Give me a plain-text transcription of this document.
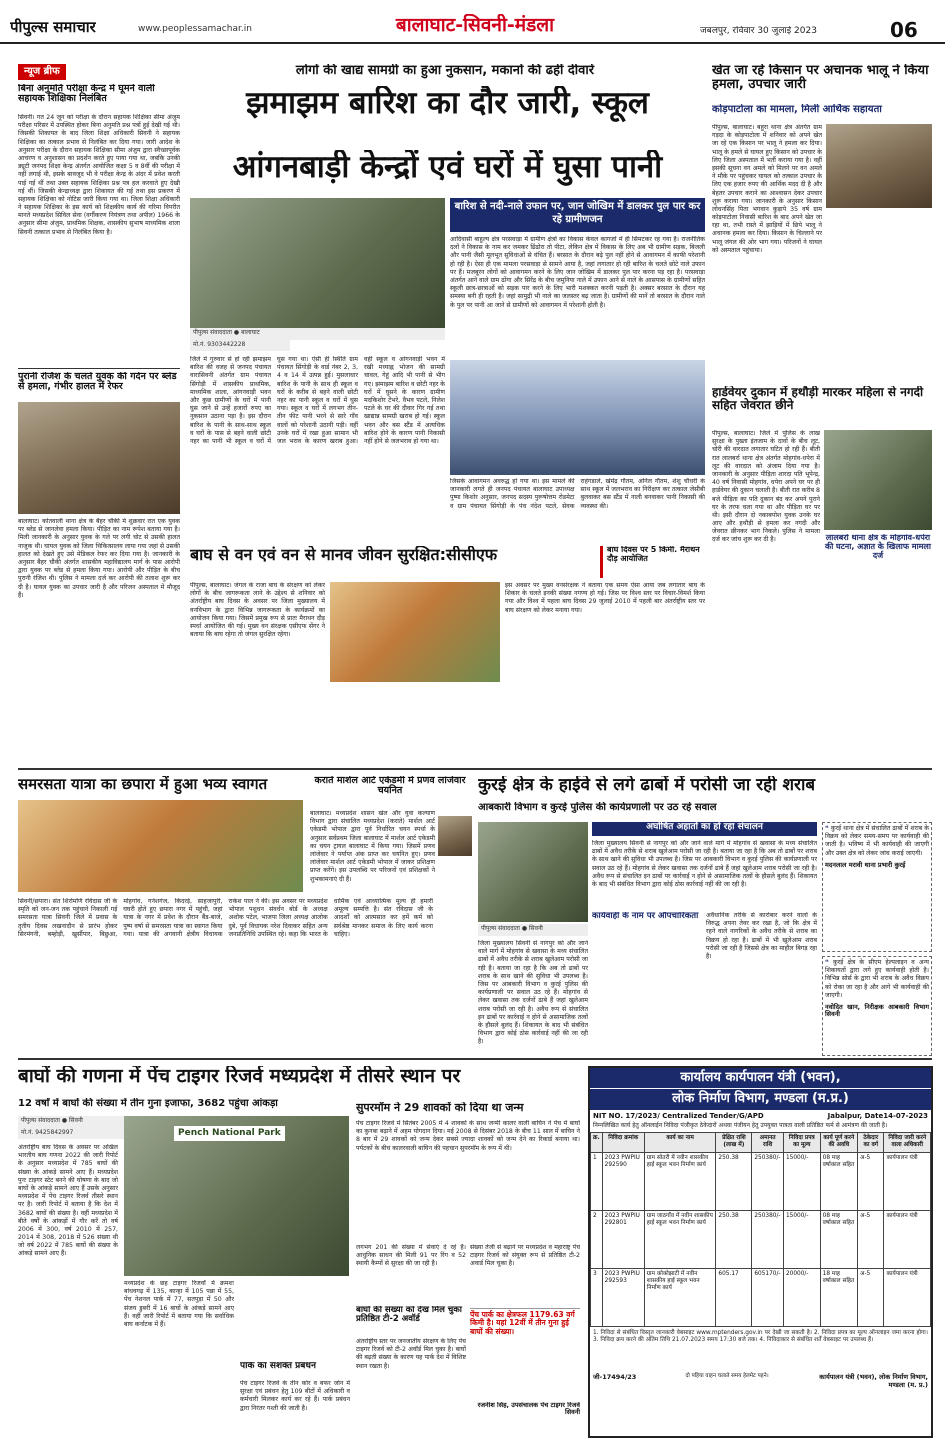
पीपुल्स समाचार	www.peoplessamachar.in	बालाघाट-सिवनी-मंडला	जबलपुर, रविवार 30 जुलाई 2023	06
न्यूज ब्रीफ
बिना अनुमति परीक्षा केन्द्र में घूमने वाली सहायक शिक्षिका निलंबित
सिवनी। गत 24 जून को परीक्षा के दौरान सहायक शिक्षिका सीमा अंजुम परीक्षा परिसर में उपस्थित होकर बिना अनुमति प्रश्न पत्रों हुई देखी गई थी। जिसकी शिकायत के बाद जिला शिक्षा अधिकारी सिवनी ने सहायक शिक्षिका का तत्काल प्रभाव से निलंबित कर दिया गया। जारी आदेश के अनुसार परीक्षा के दौरान सहायक शिक्षिका सीमा अंजुम द्वारा स्वैच्छापूर्वक आचरण व अनुशासन का प्रदर्शन करते हुए पाया गया था, जबकि उनकी ड्यूटी जनपद शिक्षा केन्द्र अंतर्गत आयोजित कक्षा 5 व 8वीं की परीक्षा में नहीं लगाई थी, इसके बावजूद भी वे परीक्षा केन्द्र के अंदर में प्रवेश करती पाई गई थीं तथा उक्त सहायक शिक्षिका प्रश्न पत्र हल करवाते हुए देखी गई थीं। जिसकी केन्द्राध्यक्ष द्वारा शिकायत की गई तथा इस प्रकरण में सहायक शिक्षिका को नोटिस जारी किया गया था। जिला शिक्षा अधिकारी ने सहायक शिक्षिका के इस कार्य को शिक्षकीय कार्य की गरिमा विपरीत मानते मध्यप्रदेश सिविल सेवा (वर्गीकरण नियंत्रण तथा अपील) 1966 के अनुसार सीमा अंजुम, प्राथमिक शिक्षक, शासकीय सुभाष माध्यमिक शाला सिवनी तत्काल प्रभाव से निलंबित किया है।
पुरानी रंजिश के चलते युवक की गर्दन पर ब्लेड से हमला, गंभीर हालत में रेफर
बालाघाट। कोतवाली थाना क्षेत्र के बैहर चौकी में शुक्रवार रात एक युवक पर ब्लेड से जानलेवा हमला किया। पीड़ित का नाम रूपेश बताया गया है। मिली जानकारी के अनुसार युवक के गले पर लगी चोट से उसकी हालत नाजुक थी। घायल युवक को जिला चिकित्सालय लाया गया जहां से उसकी हालत को देखते हुए उसे मेडिकल रेफर कर दिया गया है। जानकारी के अनुसार बैहर चौकी अंतर्गत शासकीय महाविद्यालय मार्ग के पास आरोपी द्वारा युवक पर ब्लेड से हमला किया गया। आरोपी और पीड़ित के बीच पुरानी रंजिश थी। पुलिस ने मामला दर्ज कर आरोपी की तलाश शुरू कर दी है। घायल युवक का उपचार जारी है और परिजन अस्पताल में मौजूद हैं।
लोगों की खाद्य सामग्री का हुआ नुकसान, मकानों की ढहीं दीवारें
झमाझम बारिश का दौर जारी, स्कूल
आंगनबाड़ी केन्द्रों एवं घरों में घुसा पानी
पीपुल्स संवाददाता ● बालाघाट
मो.नं. 9303442228
जिले में गुरुवार से हो रही झमाझम बारिश की वजह से जनपद पंचायत वारासिवनी अंतर्गत ग्राम पंचायत सिंगोड़ी में शासकीय प्राथमिक, माध्यमिक शाला, आंगनवाड़ी भवन और कुछ ग्रामीणों के घरों में पानी घुस जाने से उन्हें हजारों रुपए का नुकसान उठाना पड़ा है। इस दौरान बारिश के पानी के साथ-साथ स्कूल व घरों के पास से बहने वाली छोटी नहर का पानी भी स्कूल व घरों में घुस गया था। ऐसी ही स्थिति ग्राम पंचायत सिंगोड़ी के वार्ड नंबर 2, 3, 4 व 14 में उत्पन्न हुई। मुसलाधार बारिश के पानी के साथ ही स्कूल व घरों के करीब से बहने वाली छोटी नहर का पानी स्कूल व घरों में घुस गया। स्कूल व घरों में लगभग तीन-तीन फीट पानी भरने से सारे गाँव वालों को परेशानी उठानी पड़ी। वहीं उनके घरों में रखा हुआ सामान भी जल भराव के कारण खराब हुआ। वहीं स्कूल व आंगनवाड़ी भवन में रखी मध्याह्न भोजन की सामग्री चावल, गेहूं आदि भी पानी से भीग गए। झमाझम बारिश व छोटी नहर के घरों में घुसने के कारण ग्रामीण मदकिशोर टेंभरे, वैभव पटले, निलेश पटले के घर की दीवार गिर गई तथा खाद्यान्न सामग्री खराब हो गई। स्कूल भवन और बस स्टैंड में अत्यधिक बारिश होने के कारण पानी निकासी नहीं होने से जलभराव हो गया था।
बारिश से नदी-नाले उफान पर, जान जोखिम में डालकर पुल पार कर रहे ग्रामीणजन
आदिवासी बाहुल्य क्षेत्र परसवाड़ा में ग्रामीण क्षेत्रों का विकास केवल कागजों में ही सिमटकर रह गया है। राजनीतिक दलों ने विकास के नाम कर जमकर ढिंढोरा तो पीटा, लेकिन क्षेत्र में विकास के लिए अब भी ग्रामीण सड़क, बिजली और पानी जैसी मूलभूत सुविधाओं से वंचित हैं। बरसात के दौरान बढ़े पुल नहीं होने से आवागमन में काफी परेशानी हो रही है। ऐसा ही एक मामला परसवाड़ा से सामने आया है, जहां लगातार हो रही बारिश के चलते छोटे नाले उफान पर हैं। मजबूरन लोगों को आवागमन करने के लिए जान जोखिम में डालकर पुल पार करना पड़ रहा है। परसवाड़ा अंतर्गत आने वाले ग्राम ढोंगा और सिरेंद्र के बीच जमुनिया नाले में उफान आने से नाले के आसपास के ग्रामीणों सहित स्कूली छात्र-छात्राओं को सड़क पार करने के लिए भारी मशक्कत करनी पड़ती है। अक्सर बरसात के दौरान यह समस्या बनी ही रहती है। जहां सामुद्री भी नाले का जलस्तर बढ़ जाता है। ग्रामीणों की मानें तो बरसात के दौरान नाले के पुल पर पानी आ जाने से ग्रामीणों को आवागमन में परेशानी होती है।
जिसके आवागमन अवरुद्ध हो गया था। इस मामले की जानकारी लगते ही जनपद पंचायत बालाघाट उपाध्यक्ष पुष्पा किशोर अनुसार, जनपद सदस्य पुरूषोत्तम रोडमेटा व ग्राम पंचायत सिंगोड़ी के पंच नंदेश पटले, सेवक राहंगडाले, खेमेंद्र गौतम, अनिल गौतम, शेशु चौधरी के साथ स्कूल में जलभराव का निरीक्षण कर तत्काल जेसीबी बुलवाकर बस स्टैंड में नाली बनवाकर पानी निकासी की व्यवस्था की।
खेत जा रहे किसान पर अचानक भालू ने किया हमला, उपचार जारी
कोड़पाटोला का मामला, मिली आर्थिक सहायता
पीपुल्स, बालाघाट। बहुरा थाना क्षेत्र अंतर्गत ग्राम गड़दा के कोड़पाटोला में शनिवार को अपने खेत जा रहे एक किसान पर भालू ने हमला कर दिया। भालू के हमले से घायल हुए किसान को उपचार के लिए जिला अस्पताल में भर्ती कराया गया है। वहीं इसकी सूचना वन अमले को मिलने पर वन अमले ने मौके पर पहुंचकर घायल को तत्काल उपचार के लिए एक हजार रुपए की आर्थिक मदद दी है और बेहतर उपचार कराने का आश्वासन देकर उपचार शुरू कराया गया। जानकारी के अनुसार किसान लोधनसिंह पिता भगवान कुड़ापे 35 वर्ष ग्राम कोड़पाटोला निवासी बारिश के बाद अपने खेत जा रहा था, तभी रास्ते में झाड़ियों में छिपे भालू ने अचानक हमला कर दिया। किसान के चिल्लाने पर भालू जंगल की ओर भाग गया। परिजनों ने घायल को अस्पताल पहुंचाया।
हार्डवेयर दुकान में हथौड़ी मारकर महिला से नगदी सहित जेवरात छीने
पीपुल्स, बालाघाट। जिले में पुलिस के लाख सुरक्षा के पुख्ता इंतजाम के दावों के बीच लूट, चोरी की वारदात लगातार घटित हो रही हैं। बीती रात लालबर्रा थाना क्षेत्र अंतर्गत मोहगांव-धपेरा में लूट की वारदात को अंजाम दिया गया है। जानकारी के अनुसार पीड़िता शारदा पति भूपेन्द्र, 40 वर्ष निवासी मोहगांव, धपेरा अपने घर पर ही हार्डवेयर की दुकान चलाती है। बीती रात करीब 8 बजे पीड़िता का पति दुकान बंद कर अपने पुराने घर के तरफ चला गया था और पीड़िता घर पर थी। इसी दौरान दो नकाबपोश युवक उनके घर आए और हथौड़ी से हमला कर नगदी और जेवरात छीनकर भाग निकले। पुलिस ने मामला दर्ज कर जांच शुरू कर दी है।	लालबर्रा थाना क्षेत्र के मोहगांव-धपेरा की घटना, अज्ञात के खिलाफ मामला दर्ज
बाघ से वन एवं वन से मानव जीवन सुरक्षित:सीसीएफ	बाघ दिवस पर 5 किमी. मैराथन दौड़ आयोजित
पीपुल्स, बालाघाट। जंगल के राजा बाघ के संरक्षण को लेकर लोगों के बीच जागरूकता लाने के उद्देश्य से शनिवार को अंतर्राष्ट्रीय बाघ दिवस के अवसर पर जिला मुख्यालय में वनविभाग के द्वारा विभिन्न जागरूकता के कार्यक्रमों का आयोजन किया गया। जिसमें प्रमुख रूप से प्रातः मैराथन दौड़ स्पर्धा आयोजित की गई। मुख्य वन संरक्षक एसीएफ सेंगर ने बताया कि बाघ रहेगा तो जंगल सुरक्षित रहेगा।
इस अवसर पर मुख्य वनसंरक्षक ने बताया एक समय ऐसा आया जब लगातार बाघ के शिकार के चलते इनकी संख्या नगण्य हो गई। जिस पर विश्व स्तर पर विचार-विमर्श किया गया और विश्व में पहला बाघ दिवस 29 जुलाई 2010 में पहली बार अंतर्राष्ट्रीय स्तर पर बाघ संरक्षण को लेकर मनाया गया।
समरसता यात्रा का छपारा में हुआ भव्य स्वागत
सिवनी/छपारा। संत शिरोमणि रविदास जी के स्मृति को जन-जन तक पहुंचाने निकाली गई समरसता यात्रा सिवनी जिले में प्रवास के तृतीय दिवस लखनादौन से प्रारंभ होकर सिरमंगनी, बम्होड़ी, खुर्सीपार, बिछुआ, मोहगांव, गनेशगंज, किंदरई, साहजापुरी, घघरी होते हुए छपारा नगर में पहुंची, जहां यात्रा के नगर में प्रवेश के दौरान बैंड-बाजे, पुष्प वर्षा से समरसता यात्रा का स्वागत किया गया। यात्रा की अगवानी क्षेत्रीय विधायक राकेश पाल ने की। इस अवसर पर मध्यप्रदेश भोपाल पशुधन संवर्धन बोर्ड के अध्यक्ष अशोक पटेल, भाजपा जिला अध्यक्ष आलोक दुबे, पूर्व विधायक नरेश दिवाकर सहित अन्य जनप्रतिनिधि उपस्थित रहे। कहा कि भारत के धार्मिक एवं आध्यात्मिक मूल्य ही हमारी अमूल्य सम्पत्ति है। संत रविदास जी के आदर्शों को आत्मसात कर हमें कर्म को सर्वश्रेष्ठ मानकर समाज के लिए कार्य करना चाहिए।
कराते मार्शल आर्ट एकेडमी में प्रणव लांजेवार चयनित
बालाघाट। मध्यप्रदेश शासन खेल और युवा कल्याण विभाग द्वारा संचालित मध्यप्रदेश (कराते) मार्शल आर्ट एकेडमी भोपाल द्वारा पूर्व निर्धारित चयन स्पर्धा के अनुसार सर्वप्रथम जिला बालाघाट में मार्शल आर्ट एकेडमी का चयन ट्रायल बालाघाट में किया गया। जिसमें प्रणव लांजेवार ने पर्याप्त अंक प्राप्त कर चयनित हुए। प्रणव लांजेवार मार्शल आर्ट एकेडमी भोपाल में जाकर प्रशिक्षण प्राप्त करेंगे। इस उपलब्धि पर परिजनों एवं प्रशिक्षकों ने शुभकामनाएं दी हैं।
कुरई क्षेत्र के हाईवे से लगे ढाबों में परोसी जा रही शराब
आबकारी विभाग व कुरई पुलिस की कार्यप्रणाली पर उठ रहे सवाल
पीपुल्स संवाददाता ● सिवनी
अघोषित अहातों का हो रहा संचालन
जिला मुख्यालय सिवनी से नागपुर को और जाने वाले मार्ग में मोहगांव से खवासा के मध्य संचालित ढाबों में अवैध तरीके से शराब खुलेआम परोसी जा रही है। बताया जा रहा है कि अब तो ढाबों पर शराब के साथ खाने की सुविधा भी उपलब्ध है। जिस पर आबकारी विभाग व कुरई पुलिस की कार्यप्रणाली पर सवाल उठ रहे हैं। मोहगांव से लेकर खवासा तक दर्जनों ढाबे हैं जहां खुलेआम शराब परोसी जा रही है। अवैध रूप से संचालित इन ढाबों पर कार्रवाई न होने से असामाजिक तत्वों के हौसले बुलंद हैं। शिकायत के बाद भी संबंधित विभाग द्वारा कोई ठोस कार्रवाई नहीं की जा रही है।
कार्यवाही के नाम पर औपचारिकता	अवैधानिक तरीके से कारोबार करने वालों के विरुद्ध अपना तेवर कर रखा है, जो कि क्षेत्र में रहने वाले नागरिकों के अवैध तरीके से शराब का विक्रय हो रहा है। ढाबों में भी खुलेआम शराब परोसी जा रही है जिससे क्षेत्र का माहौल बिगड़ रहा है।
❝ कुरई थाना क्षेत्र में संचालित ढाबों में शराब के विक्रय को लेकर समय-समय पर कार्यवाही की जाती है। भविष्य में भी कार्यवाही की जाएगी और उक्त क्षेत्र को लेकर जांच कराई जाएगी।
मदनलाल मरावी थाना प्रभारी कुरई
❝ कुरई क्षेत्र के सीएम हेल्पलाइन व अन्य शिकायतों द्वारा लगे हुए कार्यवाही होती है। विभिन्न सोर्स के द्वारा भी शराब के अवैध विक्रय को रोका जा रहा है और आगे भी कार्यवाही की जाएगी।
नवोदित खान, निरीक्षक आबकारी विभाग सिवनी
जिला मुख्यालय सिवनी से नागपुर को और जाने वाले मार्ग में मोहगांव से खवासा के मध्य संचालित ढाबों में अवैध तरीके से शराब खुलेआम परोसी जा रही है। बताया जा रहा है कि अब तो ढाबों पर शराब के साथ खाने की सुविधा भी उपलब्ध है। जिस पर आबकारी विभाग व कुरई पुलिस की कार्यप्रणाली पर सवाल उठ रहे हैं। मोहगांव से लेकर खवासा तक दर्जनों ढाबे हैं जहां खुलेआम शराब परोसी जा रही है। अवैध रूप से संचालित इन ढाबों पर कार्रवाई न होने से असामाजिक तत्वों के हौसले बुलंद हैं। शिकायत के बाद भी संबंधित विभाग द्वारा कोई ठोस कार्रवाई नहीं की जा रही है।
बाघों की गणना में पेंच टाइगर रिजर्व मध्यप्रदेश में तीसरे स्थान पर
12 वर्षों में बाघों की संख्या में तीन गुना इजाफा, 3682 पहुंचा आंकड़ा
पीपुल्स संवाददाता ● सिवनी
मो.नं. 9425842997
अंतर्राष्ट्रीय बाघ दिवस के अवसर पर अखिल भारतीय बाघ गणना 2022 की जारी रिपोर्ट के अनुसार मध्यप्रदेश में 785 बाघों की संख्या के आंकड़े सामने आए हैं। मध्यप्रदेश पुनः टाइगर स्टेट बनने की घोषणा के बाद जो बाघों के आंकड़े सामने आए हैं उसके अनुसार मध्यप्रदेश में पेंच टाइगर रिजर्व तीसरे स्थान पर है। जारी रिपोर्ट में बताया है कि देश में 3682 बाघों की संख्या है। वहीं मध्यप्रदेश में बीते वर्षों के आंकड़ों में गौर करें तो वर्ष 2006 में 300, वर्ष 2010 में 257, 2014 में 308, 2018 में 526 संख्या थी जो वर्ष 2022 में 785 बाघों की संख्या के आंकड़े सामने आए हैं।
Pench National Park
मध्यप्रदेश के छह टाइगर रिजर्वों में क्रमशः बांधवगढ़ में 135, कान्हा में 105 पन्ना में 55, पेंच नेशनल पार्क में 77, सतपुड़ा में 50 और संजय डुबरी में 16 बाघों के आंकड़े सामने आए हैं। वहीं जारी रिपोर्ट में बताया गया कि सर्वाधिक बाघ कर्नाटक में हैं।
पार्क का सशक्त प्रबंधन
पेंच टाइगर रिजर्व के तीन कोर व बफर जोन में सुरक्षा एवं प्रबंधन हेतु 109 बीटों में अधिकारी व कर्मचारी मिलकर कार्य कर रहे हैं। पार्क प्रबंधन द्वारा निरंतर गश्ती की जाती है।
सुपरमॉम ने 29 शावकों को दिया था जन्म
पेंच टाइगर रिजर्व में सितंबर 2005 में 4 शावकों के साथ जन्मी कालर वाली बाघिन ने पेंच में बाघों का कुनबा बढ़ाने में अहम योगदान दिया। मई 2008 से दिसंबर 2018 के बीच 11 साल में बाघिन ने 8 बार में 29 शावकों को जन्म देकर सबसे ज्यादा शावकों को जन्म देने का रिकार्ड बनाया था। पर्यटकों के बीच कालरवाली बाघिन की पहचान सुपरमॉम के रूप में थी।
लगभग 201 की संख्या में सेवाएं दे रहे हैं। आधुनिक साधन की मिली 91 पर रिंग व 52 स्थायी कैम्पों से सुरक्षा की जा रही है।
बाघों की संख्या को देख मिल चुका प्रतिष्ठित टी-2 अवॉर्ड
अंतर्राष्ट्रीय स्तर पर जनजातीय संरक्षण के लिए पेंच टाइगर रिजर्व को टी-2 अवॉर्ड मिल चुका है। बाघों की बढ़ती संख्या के कारण यह पार्क देश में विशिष्ट स्थान रखता है।
संख्या तेजी से बढ़ाने पर मध्यप्रदेश व महाराष्ट्र पेंच टाइगर रिजर्व को संयुक्त रूप से प्रतिष्ठित टी-2 अवार्ड मिल चुका है।
पेंच पार्क का क्षेत्रफल 1179.63 वर्ग किमी है। यहां 12वीं में तीन गुना हुई बाघों की संख्या।
रजनीश सिंह, उपसंचालक पेंच टाइगर रिजर्व सिवनी
कार्यालय कार्यपालन यंत्री (भवन),
लोक निर्माण विभाग, मण्डला (म.प्र.)
NIT NO. 17/2023/ Centralized Tender/G/APD	Jabalpur, Date14-07-2023
निम्नलिखित कार्य हेतु ऑनलाईन निविदा पंजीकृत ठेकेदारों अथवा पंजीयन हेतु उपयुक्त पात्रता वाली प्रतिष्ठित फर्म से आमंत्रण की जाती है।
क्र.	निविदा क्रमांक	कार्य का नाम	प्रेक्षित राशि (लाख में)	अमानत राशि	निविदा प्रपत्र का मूल्य	कार्य पूर्ण करने की अवधि	ठेकेदार का वर्ग	निविदा जारी करने वाला अधिकारी
1	2023 PWPIU 292590	ग्राम सोतरी में नवीन शासकीय हाई स्कूल भवन निर्माण कार्य	250.38	250380/-	15000/-	08 माह वर्षाकाल सहित	अ-5	कार्यपालन यंत्री
2	2023 PWPIU 292801	ग्राम जाठगाँव में नवीन शासकीय हाई स्कूल भवन निर्माण कार्य	250.38	250380/-	15000/-	08 माह वर्षाकाल सहित	अ-5	कार्यपालन यंत्री
3	2023 PWPIU 292593	ग्राम कोकोझाटी में नवीन शासकीय हाई स्कूल भवन निर्माण कार्य	605.17	605170/-	20000/-	18 माह वर्षाकाल सहित	अ-5	कार्यपालन यंत्री
1. निविदा से संबंधित विस्तृत जानकारी वेबसाइट www.mptenders.gov.in पर देखी जा सकती है। 2. निविदा प्रपत्र का मूल्य ऑनलाइन जमा करना होगा। 3. निविदा क्रय करने की अंतिम तिथि 21.07.2023 समय 17:30 बजे तक। 4. निविदाकार से संबंधित शर्तें वेबसाइट पर उपलब्ध हैं।
जी-17494/23	दो पहिया वाहन चलाते समय हेलमेट पहने।	कार्यपालन यंत्री (भवन), लोक निर्माण विभाग, मण्डला (म. प्र.)
